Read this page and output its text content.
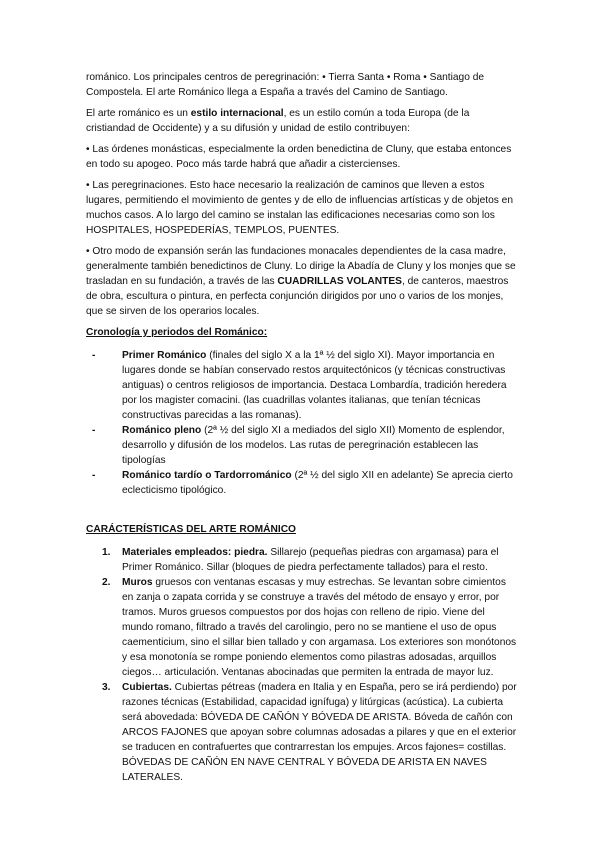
románico. Los principales centros de peregrinación: • Tierra Santa • Roma • Santiago de Compostela. El arte Románico llega a España a través del Camino de Santiago.

El arte románico es un estilo internacional, es un estilo común a toda Europa (de la cristiandad de Occidente) y a su difusión y unidad de estilo contribuyen:

• Las órdenes monásticas, especialmente la orden benedictina de Cluny, que estaba entonces en todo su apogeo. Poco más tarde habrá que añadir a cistercienses.

• Las peregrinaciones. Esto hace necesario la realización de caminos que lleven a estos lugares, permitiendo el movimiento de gentes y de ello de influencias artísticas y de objetos en muchos casos. A lo largo del camino se instalan las edificaciones necesarias como son los HOSPITALES, HOSPEDERÍAS, TEMPLOS, PUENTES.

• Otro modo de expansión serán las fundaciones monacales dependientes de la casa madre, generalmente también benedictinos de Cluny. Lo dirige la Abadía de Cluny y los monjes que se trasladan en su fundación, a través de las CUADRILLAS VOLANTES, de canteros, maestros de obra, escultura o pintura, en perfecta conjunción dirigidos por uno o varios de los monjes, que se sirven de los operarios locales.

Cronología y periodos del Románico:
-	Primer Románico (finales del siglo X a la 1ª ½ del siglo XI). Mayor importancia en lugares donde se habían conservado restos arquitectónicos (y técnicas constructivas antiguas) o centros religiosos de importancia. Destaca Lombardía, tradición heredera por los magister comacini. (las cuadrillas volantes italianas, que tenían técnicas constructivas parecidas a las romanas).
-	Románico pleno (2ª ½ del siglo XI a mediados del siglo XII) Momento de esplendor, desarrollo y difusión de los modelos. Las rutas de peregrinación establecen las tipologías
-	Románico tardío o Tardorrománico (2ª ½ del siglo XII en adelante) Se aprecia cierto eclecticismo tipológico.
CARÁCTERÍSTICAS DEL ARTE ROMÁNICO
1. Materiales empleados: piedra. Sillarejo (pequeñas piedras con argamasa) para el Primer Románico. Sillar (bloques de piedra perfectamente tallados) para el resto.
2. Muros gruesos con ventanas escasas y muy estrechas. Se levantan sobre cimientos en zanja o zapata corrida y se construye a través del método de ensayo y error, por tramos. Muros gruesos compuestos por dos hojas con relleno de ripio. Viene del mundo romano, filtrado a través del carolingio, pero no se mantiene el uso de opus caementicium, sino el sillar bien tallado y con argamasa. Los exteriores son monótonos y esa monotonía se rompe poniendo elementos como pilastras adosadas, arquillos ciegos… articulación. Ventanas abocinadas que permiten la entrada de mayor luz.
3. Cubiertas. Cubiertas pétreas (madera en Italia y en España, pero se irá perdiendo) por razones técnicas (Estabilidad, capacidad ignífuga) y litúrgicas (acústica). La cubierta será abovedada: BÓVEDA DE CAÑÓN Y BÓVEDA DE ARISTA. Bóveda de cañón con ARCOS FAJONES que apoyan sobre columnas adosadas a pilares y que en el exterior se traducen en contrafuertes que contrarrestan los empujes. Arcos fajones= costillas. BÓVEDAS DE CAÑÓN EN NAVE CENTRAL Y BÓVEDA DE ARISTA EN NAVES LATERALES.
